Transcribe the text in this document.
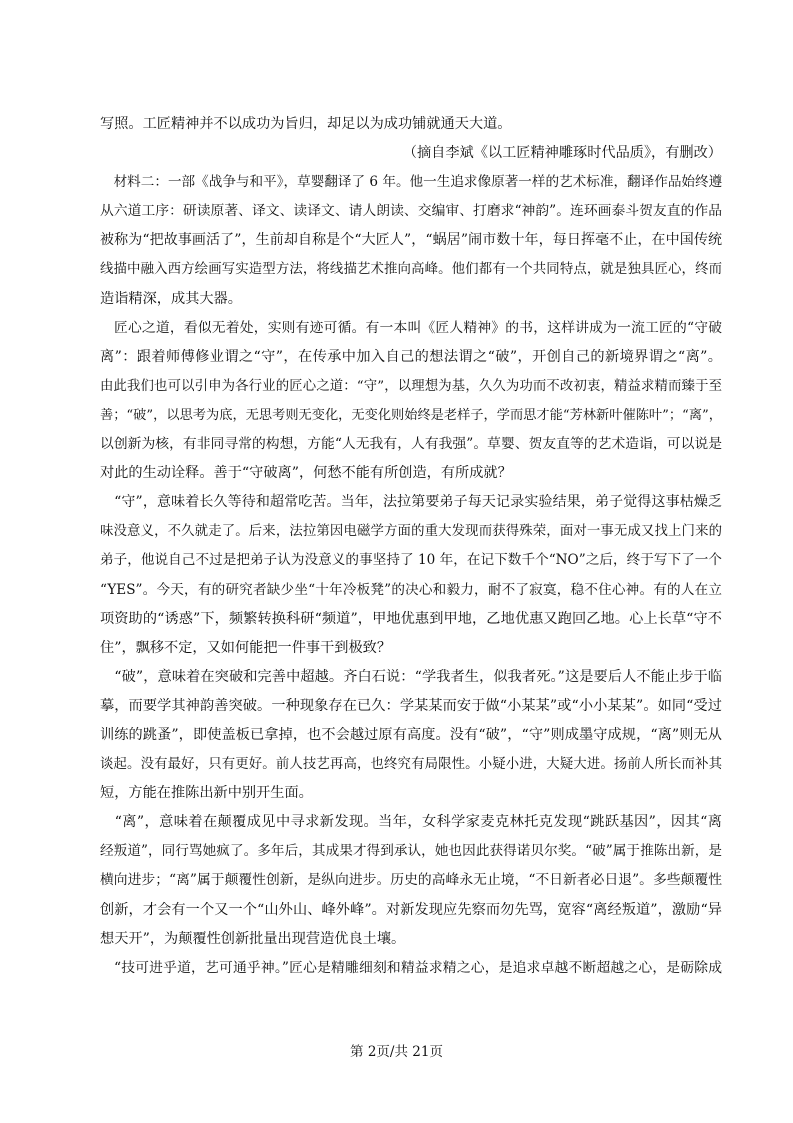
写照。工匠精神并不以成功为旨归，却足以为成功铺就通天大道。
（摘自李斌《以工匠精神雕琢时代品质》，有删改）
　材料二：一部《战争与和平》，草婴翻译了 6 年。他一生追求像原著一样的艺术标准，翻译作品始终遵
从六道工序：研读原著、译文、读译文、请人朗读、交编审、打磨求“神韵”。连环画泰斗贺友直的作品
被称为“把故事画活了”，生前却自称是个“大匠人”，“蜗居”闹市数十年，每日挥毫不止，在中国传统
线描中融入西方绘画写实造型方法，将线描艺术推向高峰。他们都有一个共同特点，就是独具匠心，终而
造诣精深，成其大器。
　匠心之道，看似无着处，实则有迹可循。有一本叫《匠人精神》的书，这样讲成为一流工匠的“守破
离”：跟着师傅修业谓之“守”，在传承中加入自己的想法谓之“破”，开创自己的新境界谓之“离”。
由此我们也可以引申为各行业的匠心之道：“守”，以理想为基，久久为功而不改初衷，精益求精而臻于至
善；“破”，以思考为底，无思考则无变化，无变化则始终是老样子，学而思才能“芳林新叶催陈叶”；“离”，
以创新为核，有非同寻常的构想，方能“人无我有，人有我强”。草婴、贺友直等的艺术造诣，可以说是
对此的生动诠释。善于“守破离”，何愁不能有所创造，有所成就？
　“守”，意味着长久等待和超常吃苦。当年，法拉第要弟子每天记录实验结果，弟子觉得这事枯燥乏
味没意义，不久就走了。后来，法拉第因电磁学方面的重大发现而获得殊荣，面对一事无成又找上门来的
弟子，他说自己不过是把弟子认为没意义的事坚持了 10 年，在记下数千个“NO”之后，终于写下了一个
“YES”。今天，有的研究者缺少坐“十年冷板凳”的决心和毅力，耐不了寂寞，稳不住心神。有的人在立
项资助的“诱惑”下，频繁转换科研“频道”，甲地优惠到甲地，乙地优惠又跑回乙地。心上长草“守不
住”，飘移不定，又如何能把一件事干到极致？
　“破”，意味着在突破和完善中超越。齐白石说：“学我者生，似我者死。”这是要后人不能止步于临
摹，而要学其神韵善突破。一种现象存在已久：学某某而安于做“小某某”或“小小某某”。如同“受过
训练的跳蚤”，即使盖板已拿掉，也不会越过原有高度。没有“破”，“守”则成墨守成规，“离”则无从
谈起。没有最好，只有更好。前人技艺再高，也终究有局限性。小疑小进，大疑大进。扬前人所长而补其
短，方能在推陈出新中别开生面。
　“离”，意味着在颠覆成见中寻求新发现。当年，女科学家麦克林托克发现“跳跃基因”，因其“离
经叛道”，同行骂她疯了。多年后，其成果才得到承认，她也因此获得诺贝尔奖。“破”属于推陈出新，是
横向进步；“离”属于颠覆性创新，是纵向进步。历史的高峰永无止境，“不日新者必日退”。多些颠覆性
创新，才会有一个又一个“山外山、峰外峰”。对新发现应先察而勿先骂，宽容“离经叛道”，激励“异
想天开”，为颠覆性创新批量出现营造优良土壤。
　“技可进乎道，艺可通乎神。”匠心是精雕细刻和精益求精之心，是追求卓越不断超越之心，是砺除成
第 2页/共 21页
